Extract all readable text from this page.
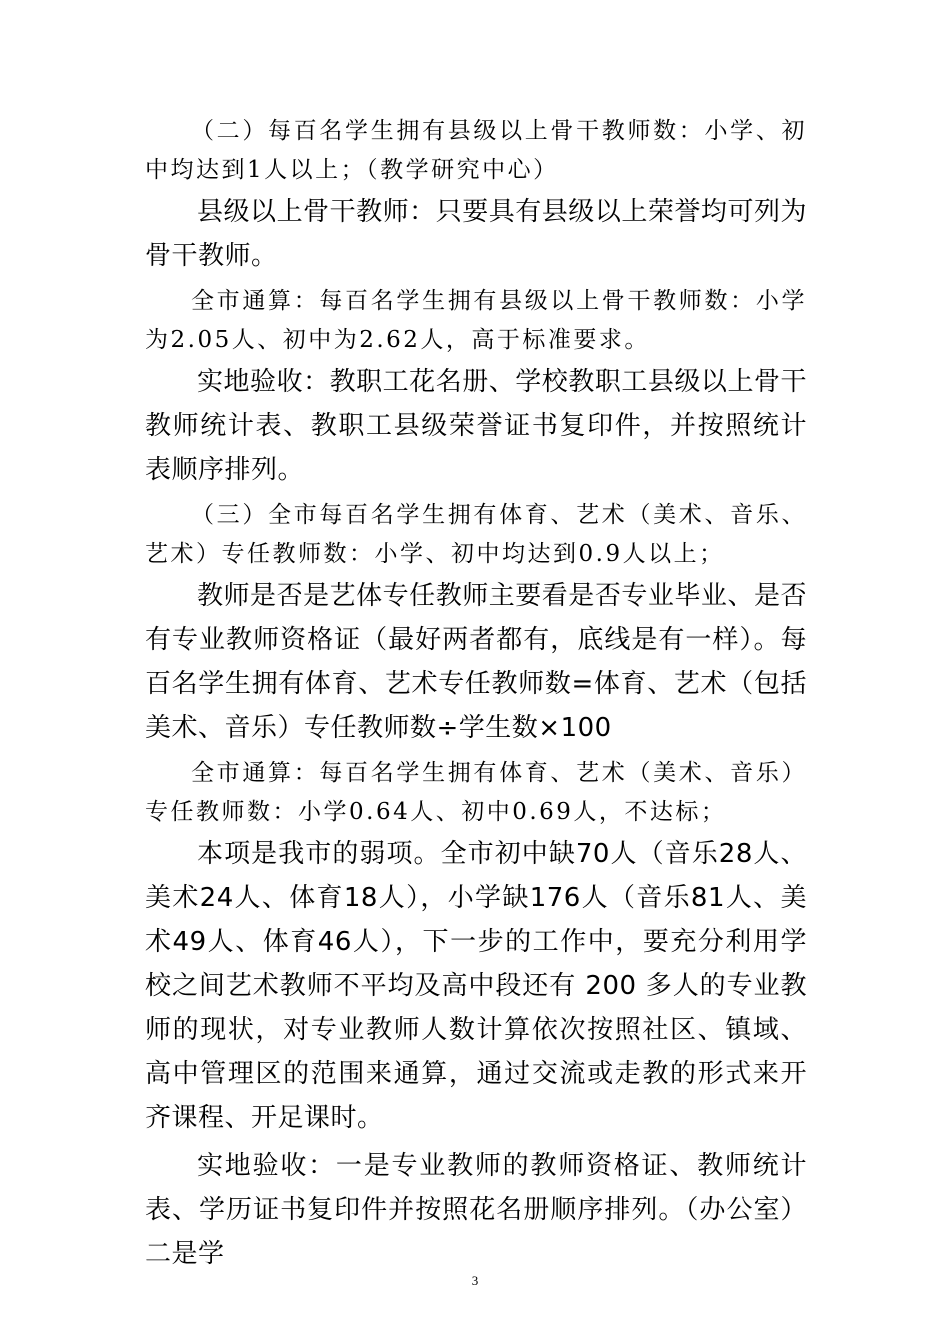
（二）每百名学生拥有县级以上骨干教师数：小学、初中均达到1人以上；（教学研究中心）

县级以上骨干教师：只要具有县级以上荣誉均可列为骨干教师。

全市通算：每百名学生拥有县级以上骨干教师数：小学为2.05人、初中为2.62人，高于标准要求。

实地验收：教职工花名册、学校教职工县级以上骨干教师统计表、教职工县级荣誉证书复印件，并按照统计表顺序排列。

（三）全市每百名学生拥有体育、艺术（美术、音乐、艺术）专任教师数：小学、初中均达到0.9人以上；

教师是否是艺体专任教师主要看是否专业毕业、是否有专业教师资格证（最好两者都有，底线是有一样）。每百名学生拥有体育、艺术专任教师数=体育、艺术（包括美术、音乐）专任教师数÷学生数×100

全市通算：每百名学生拥有体育、艺术（美术、音乐）专任教师数：小学0.64人、初中0.69人，不达标；

本项是我市的弱项。全市初中缺70人（音乐28人、美术24人、体育18人），小学缺176人（音乐81人、美术49人、体育46人），下一步的工作中，要充分利用学校之间艺术教师不平均及高中段还有 200 多人的专业教师的现状，对专业教师人数计算依次按照社区、镇域、高中管理区的范围来通算，通过交流或走教的形式来开齐课程、开足课时。

实地验收：一是专业教师的教师资格证、教师统计表、学历证书复印件并按照花名册顺序排列。（办公室）二是学

3
